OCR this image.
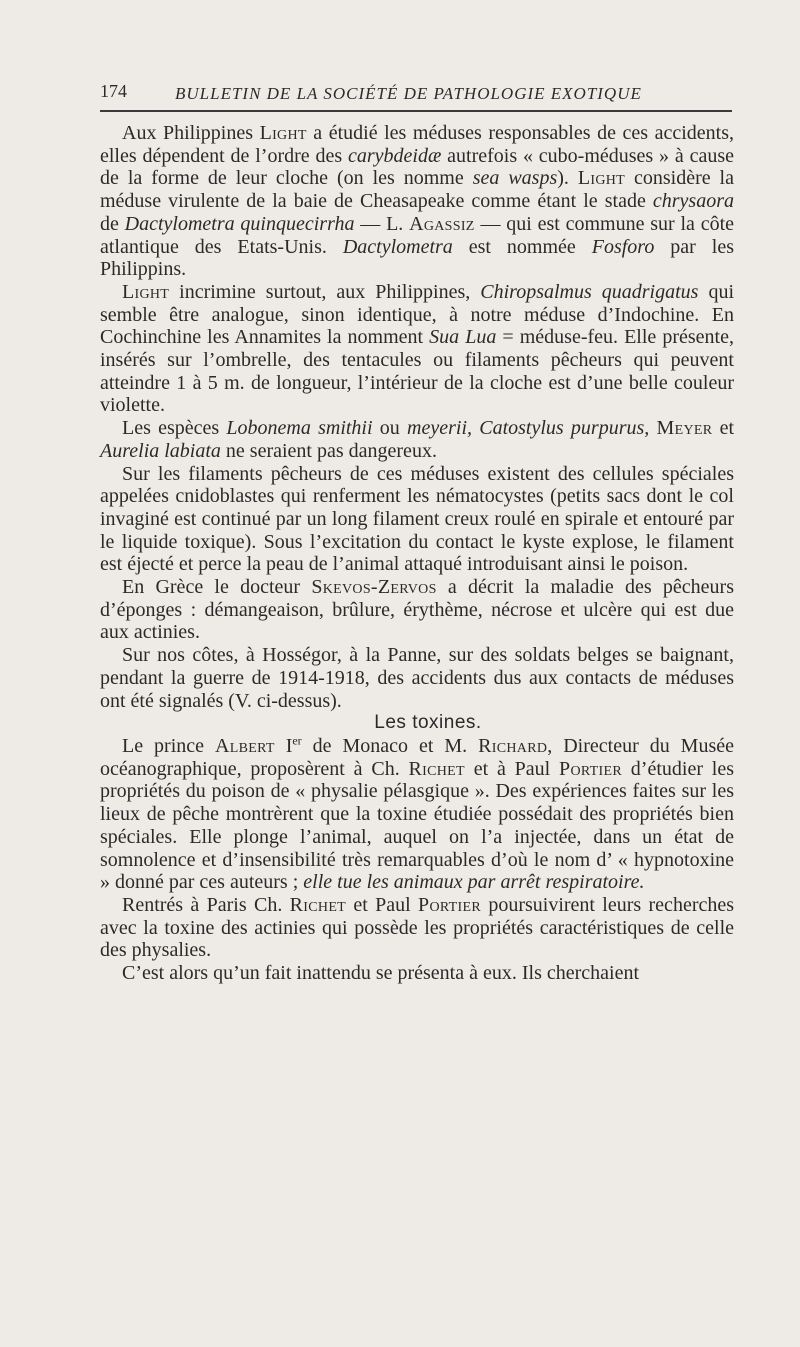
174	BULLETIN DE LA SOCIÉTÉ DE PATHOLOGIE EXOTIQUE

Aux Philippines Light a étudié les méduses responsables de ces accidents, elles dépendent de l’ordre des carybdeidæ autrefois « cubo-méduses » à cause de la forme de leur cloche (on les nomme sea wasps). Light considère la méduse virulente de la baie de Cheasapeake comme étant le stade chrysaora de Dactylometra quinquecirrha — L. Agassiz — qui est commune sur la côte atlantique des Etats-Unis. Dactylometra est nommée Fosforo par les Philippins.

Light incrimine surtout, aux Philippines, Chiropsalmus quadrigatus qui semble être analogue, sinon identique, à notre méduse d’Indochine. En Cochinchine les Annamites la nomment Sua Lua = méduse-feu. Elle présente, insérés sur l’ombrelle, des tentacules ou filaments pêcheurs qui peuvent atteindre 1 à 5 m. de longueur, l’intérieur de la cloche est d’une belle couleur violette.

Les espèces Lobonema smithii ou meyerii, Catostylus purpurus, Meyer et Aurelia labiata ne seraient pas dangereux.

Sur les filaments pêcheurs de ces méduses existent des cellules spéciales appelées cnidoblastes qui renferment les nématocystes (petits sacs dont le col invaginé est continué par un long filament creux roulé en spirale et entouré par le liquide toxique). Sous l’excitation du contact le kyste explose, le filament est éjecté et perce la peau de l’animal attaqué introduisant ainsi le poison.

En Grèce le docteur Skevos-Zervos a décrit la maladie des pêcheurs d’éponges : démangeaison, brûlure, érythème, nécrose et ulcère qui est due aux actinies.

Sur nos côtes, à Hosségor, à la Panne, sur des soldats belges se baignant, pendant la guerre de 1914-1918, des accidents dus aux contacts de méduses ont été signalés (V. ci-dessus).

Les toxines.

Le prince Albert Ier de Monaco et M. Richard, Directeur du Musée océanographique, proposèrent à Ch. Richet et à Paul Portier d’étudier les propriétés du poison de « physalie pélasgique ». Des expériences faites sur les lieux de pêche montrèrent que la toxine étudiée possédait des propriétés bien spéciales. Elle plonge l’animal, auquel on l’a injectée, dans un état de somnolence et d’insensibilité très remarquables d’où le nom d’ « hypnotoxine » donné par ces auteurs ; elle tue les animaux par arrêt respiratoire.

Rentrés à Paris Ch. Richet et Paul Portier poursuivirent leurs recherches avec la toxine des actinies qui possède les propriétés caractéristiques de celle des physalies.

C’est alors qu’un fait inattendu se présenta à eux. Ils cherchaient
